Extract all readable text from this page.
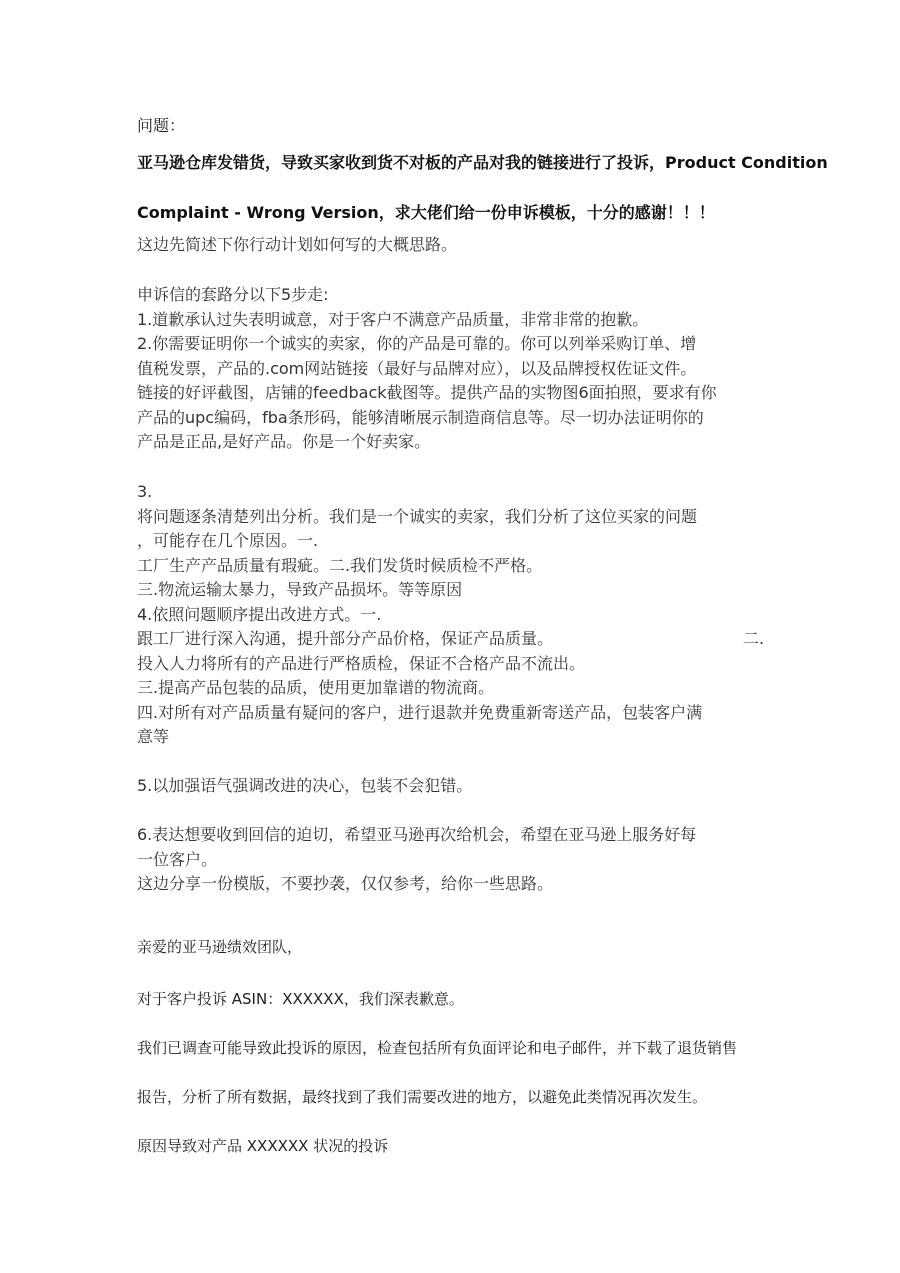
问题：
亚马逊仓库发错货，导致买家收到货不对板的产品对我的链接进行了投诉，Product Condition
Complaint - Wrong Version，求大佬们给一份申诉模板，十分的感谢！！！
这边先简述下你行动计划如何写的大概思路。
申诉信的套路分以下5步走:
1.道歉承认过失表明诚意，对于客户不满意产品质量，非常非常的抱歉。
2.你需要证明你一个诚实的卖家，你的产品是可靠的。你可以列举采购订单、增
值税发票，产品的.com网站链接（最好与品牌对应），以及品牌授权佐证文件。
链接的好评截图，店铺的feedback截图等。提供产品的实物图6面拍照，要求有你
产品的upc编码，fba条形码，能够清晰展示制造商信息等。尽一切办法证明你的
产品是正品,是好产品。你是一个好卖家。
3.
将问题逐条清楚列出分析。我们是一个诚实的卖家，我们分析了这位买家的问题
，可能存在几个原因。一.
工厂生产产品质量有瑕疵。二.我们发货时候质检不严格。
三.物流运输太暴力，导致产品损坏。等等原因
4.依照问题顺序提出改进方式。一.
跟工厂进行深入沟通，提升部分产品价格，保证产品质量。	二.
投入人力将所有的产品进行严格质检，保证不合格产品不流出。
三.提高产品包装的品质，使用更加靠谱的物流商。
四.对所有对产品质量有疑问的客户，进行退款并免费重新寄送产品，包装客户满
意等
5.以加强语气强调改进的决心，包装不会犯错。
6.表达想要收到回信的迫切，希望亚马逊再次给机会，希望在亚马逊上服务好每
一位客户。
这边分享一份模版，不要抄袭，仅仅参考，给你一些思路。
亲爱的亚马逊绩效团队，
对于客户投诉 ASIN：XXXXXX，我们深表歉意。
我们已调查可能导致此投诉的原因，检查包括所有负面评论和电子邮件，并下载了退货销售
报告，分析了所有数据，最终找到了我们需要改进的地方，以避免此类情况再次发生。
原因导致对产品 XXXXXX 状况的投诉
